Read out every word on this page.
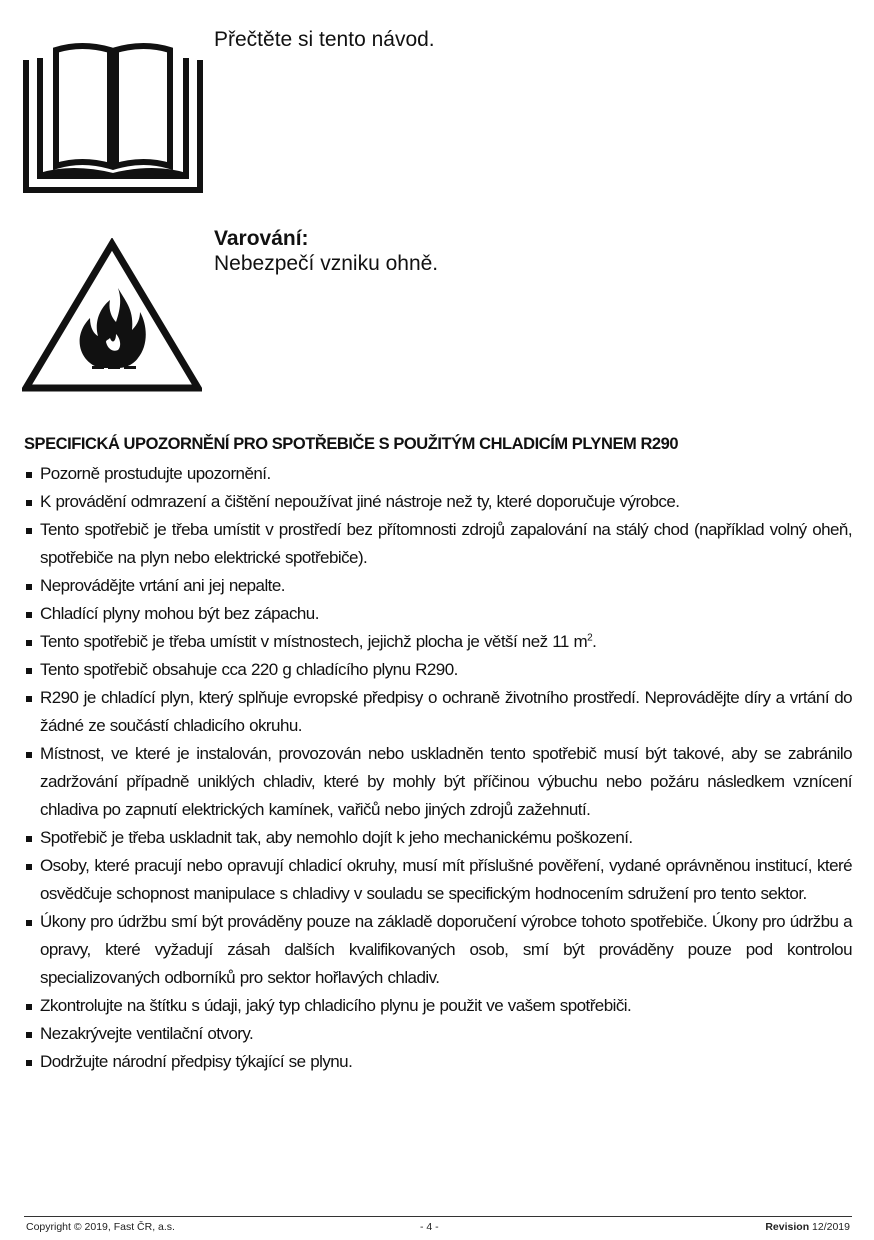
Přečtěte si tento návod.
Varování:
Nebezpečí vzniku ohně.
SPECIFICKÁ UPOZORNĚNÍ PRO SPOTŘEBIČE S POUŽITÝM CHLADICÍM PLYNEM R290
Pozorně prostudujte upozornění.
K provádění odmrazení a čištění nepoužívat jiné nástroje než ty, které doporučuje výrobce.
Tento spotřebič je třeba umístit v prostředí bez přítomnosti zdrojů zapalování na stálý chod (například volný oheň, spotřebiče na plyn nebo elektrické spotřebiče).
Neprovádějte vrtání ani jej nepalte.
Chladící plyny mohou být bez zápachu.
Tento spotřebič je třeba umístit v místnostech, jejichž plocha je větší než 11 $m^2$.
Tento spotřebič obsahuje cca 220 g chladícího plynu R290.
R290 je chladící plyn, který splňuje evropské předpisy o ochraně životního prostředí. Neprovádějte díry a vrtání do žádné ze součástí chladicího okruhu.
Místnost, ve které je instalován, provozován nebo uskladněn tento spotřebič musí být takové, aby se zabránilo zadržování případně uniklých chladiv, které by mohly být příčinou výbuchu nebo požáru následkem vznícení chladiva po zapnutí elektrických kamínek, vařičů nebo jiných zdrojů zažehnutí.
Spotřebič je třeba uskladnit tak, aby nemohlo dojít k jeho mechanickému poškození.
Osoby, které pracují nebo opravují chladicí okruhy, musí mít příslušné pověření, vydané oprávněnou institucí, které osvědčuje schopnost manipulace s chladivy v souladu se specifickým hodnocením sdružení pro tento sektor.
Úkony pro údržbu smí být prováděny pouze na základě doporučení výrobce tohoto spotřebiče. Úkony pro údržbu a opravy, které vyžadují zásah dalších kvalifikovaných osob, smí být prováděny pouze pod kontrolou specializovaných odborníků pro sektor hořlavých chladiv.
Zkontrolujte na štítku s údaji, jaký typ chladicího plynu je použit ve vašem spotřebiči.
Nezakrývejte ventilační otvory.
Dodržujte národní předpisy týkající se plynu.
Copyright © 2019, Fast ČR, a.s.	- 4 -	Revision 12/2019
